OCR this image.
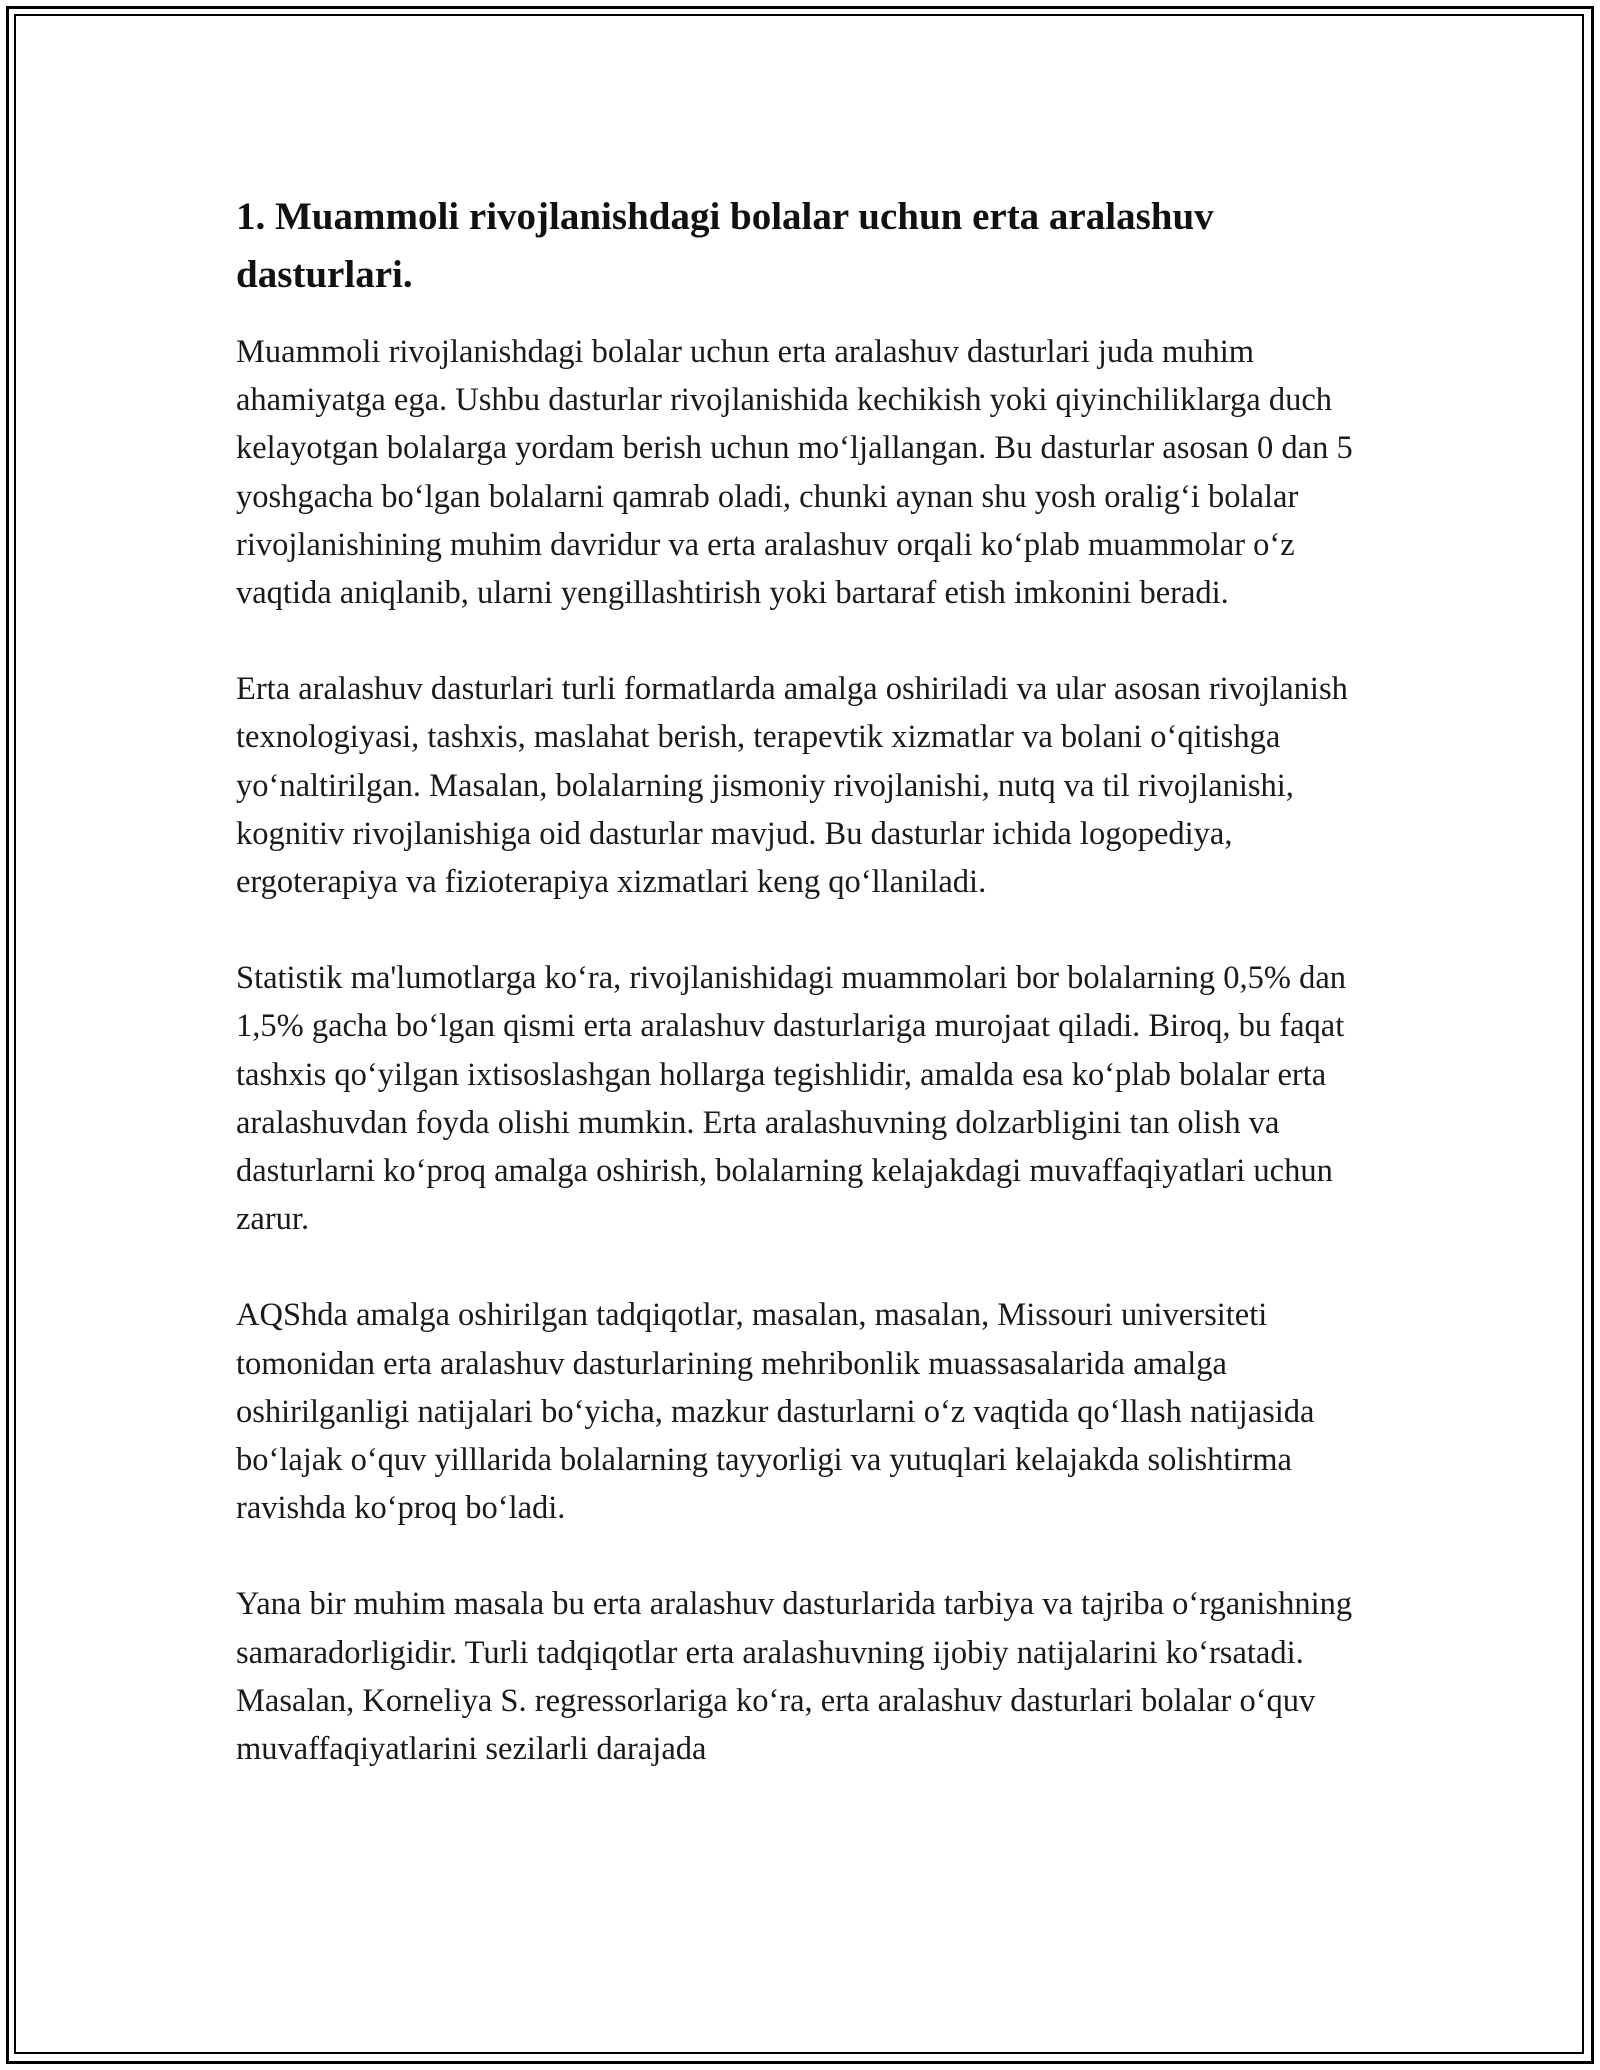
1. Muammoli rivojlanishdagi bolalar uchun erta aralashuv dasturlari.

Muammoli rivojlanishdagi bolalar uchun erta aralashuv dasturlari juda muhim ahamiyatga ega. Ushbu dasturlar rivojlanishida kechikish yoki qiyinchiliklarga duch kelayotgan bolalarga yordam berish uchun mo‘ljallangan. Bu dasturlar asosan 0 dan 5 yoshgacha bo‘lgan bolalarni qamrab oladi, chunki aynan shu yosh oralig‘i bolalar rivojlanishining muhim davridur va erta aralashuv orqali ko‘plab muammolar o‘z vaqtida aniqlanib, ularni yengillashtirish yoki bartaraf etish imkonini beradi.

Erta aralashuv dasturlari turli formatlarda amalga oshiriladi va ular asosan rivojlanish texnologiyasi, tashxis, maslahat berish, terapevtik xizmatlar va bolani o‘qitishga yo‘naltirilgan. Masalan, bolalarning jismoniy rivojlanishi, nutq va til rivojlanishi, kognitiv rivojlanishiga oid dasturlar mavjud. Bu dasturlar ichida logopediya, ergoterapiya va fizioterapiya xizmatlari keng qo‘llaniladi.

Statistik ma'lumotlarga ko‘ra, rivojlanishidagi muammolari bor bolalarning 0,5% dan 1,5% gacha bo‘lgan qismi erta aralashuv dasturlariga murojaat qiladi. Biroq, bu faqat tashxis qo‘yilgan ixtisoslashgan hollarga tegishlidir, amalda esa ko‘plab bolalar erta aralashuvdan foyda olishi mumkin. Erta aralashuvning dolzarbligini tan olish va dasturlarni ko‘proq amalga oshirish, bolalarning kelajakdagi muvaffaqiyatlari uchun zarur.

AQShda amalga oshirilgan tadqiqotlar, masalan, masalan, Missouri universiteti tomonidan erta aralashuv dasturlarining mehribonlik muassasalarida amalga oshirilganligi natijalari bo‘yicha, mazkur dasturlarni o‘z vaqtida qo‘llash natijasida bo‘lajak o‘quv yilllarida bolalarning tayyorligi va yutuqlari kelajakda solishtirma ravishda ko‘proq bo‘ladi.

Yana bir muhim masala bu erta aralashuv dasturlarida tarbiya va tajriba o‘rganishning samaradorligidir. Turli tadqiqotlar erta aralashuvning ijobiy natijalarini ko‘rsatadi. Masalan, Korneliya S. regressorlariga ko‘ra, erta aralashuv dasturlari bolalar o‘quv muvaffaqiyatlarini sezilarli darajada
